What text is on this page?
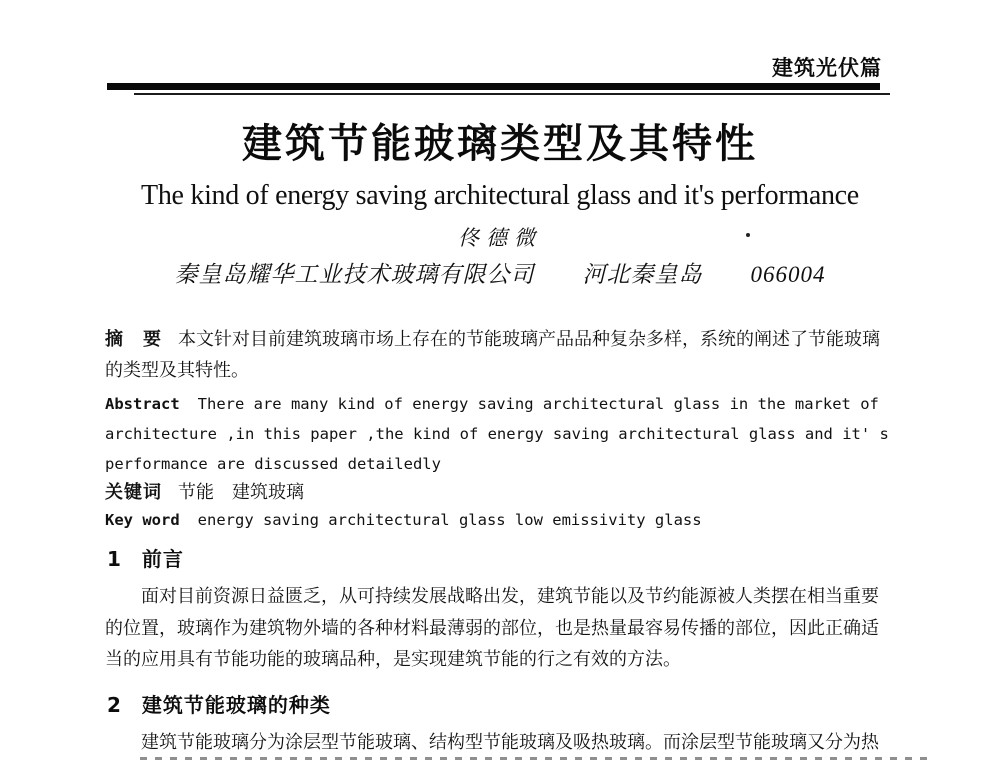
建筑光伏篇
建筑节能玻璃类型及其特性
The kind of energy saving architectural glass and it's performance
佟德微
秦皇岛耀华工业技术玻璃有限公司　　河北秦皇岛　　066004
摘　要 本文针对目前建筑玻璃市场上存在的节能玻璃产品品种复杂多样，系统的阐述了节能玻璃
的类型及其特性。
Abstract There are many kind of energy saving architectural glass in the market of
architecture ,in this paper ,the kind of energy saving architectural glass and it' s
performance are discussed detailedly
关键词 节能　建筑玻璃
Key word energy saving architectural glass low emissivity glass
1 前言
面对目前资源日益匮乏，从可持续发展战略出发，建筑节能以及节约能源被人类摆在相当重要
的位置，玻璃作为建筑物外墙的各种材料最薄弱的部位，也是热量最容易传播的部位，因此正确适
当的应用具有节能功能的玻璃品种，是实现建筑节能的行之有效的方法。
2 建筑节能玻璃的种类
建筑节能玻璃分为涂层型节能玻璃、结构型节能玻璃及吸热玻璃。而涂层型节能玻璃又分为热
